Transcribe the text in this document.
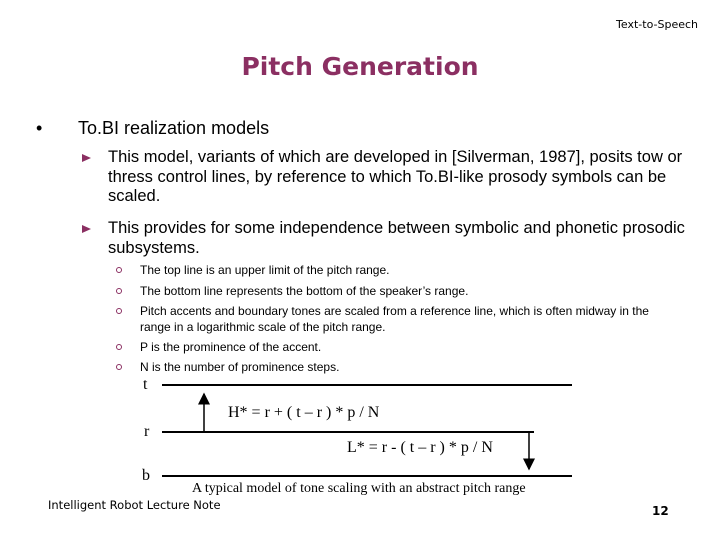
Text-to-Speech
Pitch Generation
• To.BI realization models
This model, variants of which are developed in [Silverman, 1987], posits tow or thress control lines, by reference to which To.BI-like prosody symbols can be scaled.
This provides for some independence between symbolic and phonetic prosodic subsystems.
The top line is an upper limit of the pitch range.
The bottom line represents the bottom of the speaker’s range.
Pitch accents and boundary tones are scaled from a reference line, which is often midway in the range in a logarithmic scale of the pitch range.
P is the prominence of the accent.
N is the number of prominence steps.
t
r
b
H* = r + ( t – r ) * p / N
L* = r - ( t – r ) * p / N
A typical model of tone scaling with an abstract pitch range
Intelligent Robot Lecture Note	12
